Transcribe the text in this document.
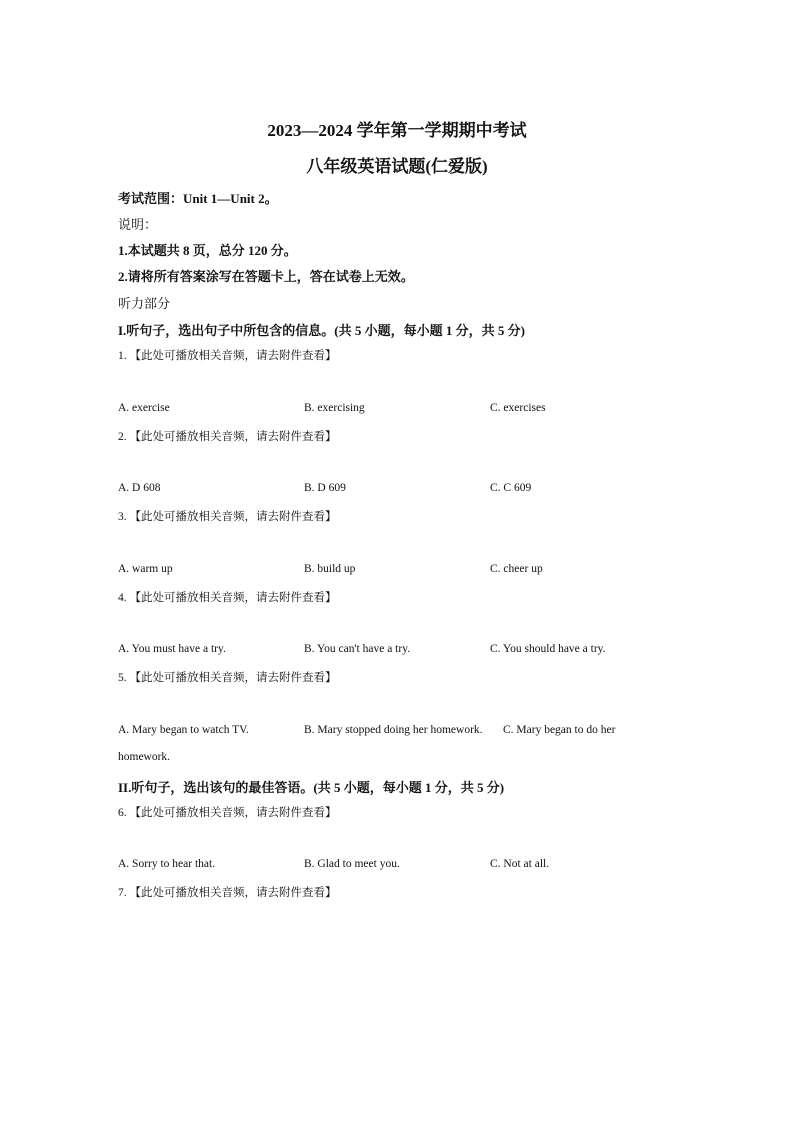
2023—2024 学年第一学期期中考试
八年级英语试题(仁爱版)
考试范围：Unit 1—Unit 2。
说明：
1.本试题共 8 页，总分 120 分。
2.请将所有答案涂写在答题卡上，答在试卷上无效。
听力部分
I.听句子，选出句子中所包含的信息。(共 5 小题，每小题 1 分，共 5 分)
1. 【此处可播放相关音频，请去附件查看】
A. exercise	B. exercising	C. exercises
2. 【此处可播放相关音频，请去附件查看】
A. D 608	B. D 609	C. C 609
3. 【此处可播放相关音频，请去附件查看】
A. warm up	B. build up	C. cheer up
4. 【此处可播放相关音频，请去附件查看】
A. You must have a try.	B. You can't have a try.	C. You should have a try.
5. 【此处可播放相关音频，请去附件查看】
A. Mary began to watch TV.	B. Mary stopped doing her homework. C. Mary began to do her
homework.
II.听句子，选出该句的最佳答语。(共 5 小题，每小题 1 分，共 5 分)
6. 【此处可播放相关音频，请去附件查看】
A. Sorry to hear that.	B. Glad to meet you.	C. Not at all.
7. 【此处可播放相关音频，请去附件查看】
